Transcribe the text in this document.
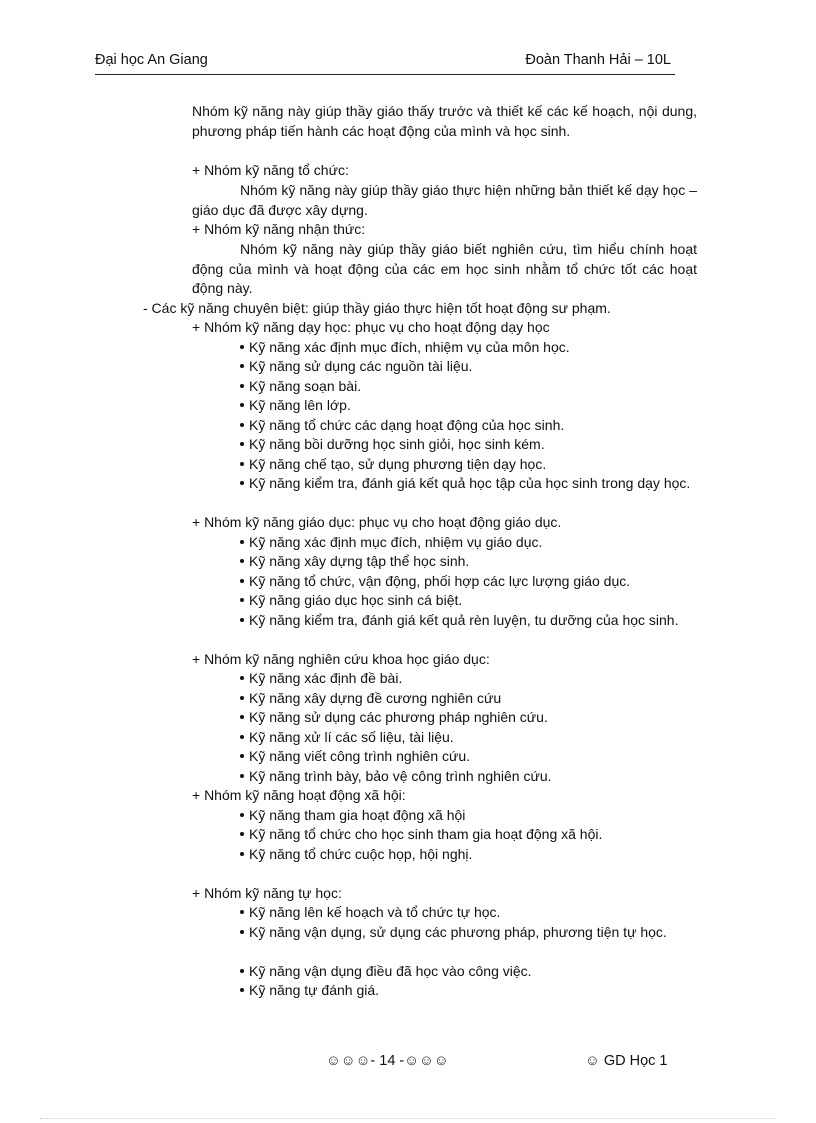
Đại học An Giang	Đoàn Thanh Hải – 10L
Nhóm kỹ năng này giúp thầy giáo thấy trước và thiết kế các kế hoạch, nội dung, phương pháp tiến hành các hoạt động của mình và học sinh.
+ Nhóm kỹ năng tổ chức:
Nhóm kỹ năng này giúp thầy giáo thực hiện những bản thiết kế dạy học – giáo dục đã được xây dựng.
+ Nhóm kỹ năng nhận thức:
Nhóm kỹ năng này giúp thầy giáo biết nghiên cứu, tìm hiểu chính hoạt động của mình và hoạt động của các em học sinh nhằm tổ chức tốt các hoạt động này.
- Các kỹ năng chuyên biệt: giúp thầy giáo thực hiện tốt hoạt động sư phạm.
+ Nhóm kỹ năng dạy học: phục vụ cho hoạt động dạy học
Kỹ năng xác định mục đích, nhiệm vụ của môn học.
Kỹ năng sử dụng các nguồn tài liệu.
Kỹ năng soạn bài.
Kỹ năng lên lớp.
Kỹ năng tổ chức các dạng hoạt động của học sinh.
Kỹ năng bồi dưỡng học sinh giỏi, học sinh kém.
Kỹ năng chế tạo, sử dụng phương tiện dạy học.
Kỹ năng kiểm tra, đánh giá kết quả học tập của học sinh trong dạy học.
+ Nhóm kỹ năng giáo dục: phục vụ cho hoạt động giáo dục.
Kỹ năng xác định mục đích, nhiệm vụ giáo dục.
Kỹ năng xây dựng tập thể học sinh.
Kỹ năng tổ chức, vận động, phối hợp các lực lượng giáo dục.
Kỹ năng giáo dục học sinh cá biệt.
Kỹ năng kiểm tra, đánh giá kết quả rèn luyện, tu dưỡng của học sinh.
+ Nhóm kỹ năng nghiên cứu khoa học giáo dục:
Kỹ năng xác định đề bài.
Kỹ năng xây dựng đề cương nghiên cứu
Kỹ năng sử dụng các phương pháp nghiên cứu.
Kỹ năng xử lí các số liệu, tài liệu.
Kỹ năng viết công trình nghiên cứu.
Kỹ năng trình bày, bảo vệ công trình nghiên cứu.
+ Nhóm kỹ năng hoạt động xã hội:
Kỹ năng tham gia hoạt động xã hội
Kỹ năng tổ chức cho học sinh tham gia hoạt động xã hội.
Kỹ năng tổ chức cuộc họp, hội nghị.
+ Nhóm kỹ năng tự học:
Kỹ năng lên kế hoạch và tổ chức tự học.
Kỹ năng vận dụng, sử dụng các phương pháp, phương tiện tự học.
Kỹ năng vận dụng điều đã học vào công việc.
Kỹ năng tự đánh giá.
☺☺☺- 14 -☺☺☺	☺ GD Học 1
